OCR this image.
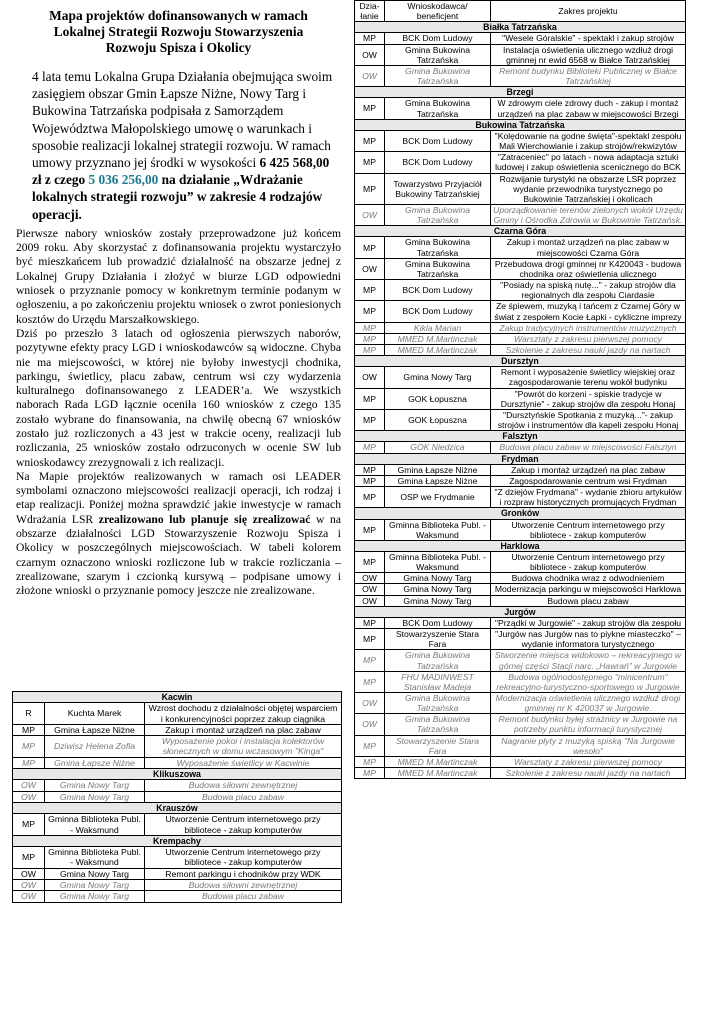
Mapa projektów dofinansowanych w ramach Lokalnej Strategii Rozwoju Stowarzyszenia Rozwoju Spisza i Okolicy
4 lata temu Lokalna Grupa Działania obejmująca swoim zasięgiem obszar Gmin Łapsze Niżne, Nowy Targ i Bukowina Tatrzańska podpisała z Samorządem Województwa Małopolskiego umowę o warunkach i sposobie realizacji lokalnej strategii rozwoju. W ramach umowy przyznano jej środki w wysokości 6 425 568,00 zł z czego 5 036 256,00 na działanie „Wdrażanie lokalnych strategii rozwoju” w zakresie 4 rodzajów operacji.

Pierwsze nabory wniosków zostały przeprowadzone już końcem 2009 roku. Aby skorzystać z dofinansowania projektu wystarczyło być mieszkańcem lub prowadzić działalność na obszarze jednej z Lokalnej Grupy Działania i złożyć w biurze LGD odpowiedni wniosek o przyznanie pomocy w konkretnym terminie podanym w ogłoszeniu, a po zakończeniu projektu wniosek o zwrot poniesionych kosztów do Urzędu Marszałkowskiego.

Dziś po przeszło 3 latach od ogłoszenia pierwszych naborów, pozytywne efekty pracy LGD i wnioskodawców są widoczne. Chyba nie ma miejscowości, w której nie byłoby inwestycji chodnika, parkingu, świetlicy, placu zabaw, centrum wsi czy wydarzenia kulturalnego dofinansowanego z LEADER’a. We wszystkich naborach Rada LGD łącznie oceniła 160 wniosków z czego 135 zostało wybrane do finansowania, na chwilę obecną 67 wniosków zostało już rozliczonych a 43 jest w trakcie oceny, realizacji lub rozliczania, 25 wniosków zostało odrzuconych w ocenie SW lub wnioskodawcy zrezygnowali z ich realizacji.

Na Mapie projektów realizowanych w ramach osi LEADER symbolami oznaczono miejscowości realizacji operacji, ich rodzaj i etap realizacji. Poniżej można sprawdzić jakie inwestycje w ramach Wdrażania LSR zrealizowano lub planuje się zrealizować w na obszarze działalności LGD Stowarzyszenie Rozwoju Spisza i Okolicy w poszczególnych miejscowościach. W tabeli kolorem czarnym oznaczono wnioski rozliczone lub w trakcie rozliczania – zrealizowane, szarym i czcionką kursywą – podpisane umowy i złożone wnioski o przyznanie pomocy jeszcze nie zrealizowane.

Kacwin		
R	Kuchta Marek	Wzrost dochodu z działalności objętej wsparciem i konkurencyjności poprzez zakup ciągnika
MP	Gmina Łapsze Niżne	Zakup i montaż urządzeń na plac zabaw
MP	Dziwisz Helena Zofia	Wyposażenie pokoi i instalacja kolektorów słonecznych w domu wczasowym "Kinga"
MP	Gmina Łapsze Niżne	Wyposażenie świetlicy w Kacwinie
Klikuszowa		
OW	Gmina Nowy Targ	Budowa siłowni zewnętrznej
OW	Gmina Nowy Targ	Budowa placu zabaw
Krauszów		
MP	Gminna Biblioteka Publ. - Waksmund	Utworzenie Centrum internetowego przy bibliotece - zakup komputerów
Krempachy		
MP	Gminna Biblioteka Publ. - Waksmund	Utworzenie Centrum internetowego przy bibliotece - zakup komputerów
OW	Gmina Nowy Targ	Remont parkingu i chodników przy WDK
OW	Gmina Nowy Targ	Budowa siłowni zewnętrznej
OW	Gmina Nowy Targ	Budowa placu zabaw
Dzia-łanie	Wnioskodawca/ beneficjent	Zakres projektu
Białka Tatrzańska		
MP	BCK Dom Ludowy	"Wesele Góralskie" - spektakl i zakup strojów
OW	Gmina Bukowina Tatrzańska	Instalacja oświetlenia ulicznego wzdłuż drogi gminnej nr ewid 6568 w Białce Tatrzańskiej
OW	Gmina Bukowina Tatrzańska	Remont budynku Biblioteki Publicznej w Białce Tatrzańskiej
Brzegi		
MP	Gmina Bukowina Tatrzańska	W zdrowym ciele zdrowy duch - zakup i montaż urządzeń na plac zabaw w miejscowości Brzegi
Bukowina Tatrzańska		
MP	BCK Dom Ludowy	"Kolędowanie na godne święta"-spektakl zespołu Mali Wierchowianie i zakup strojów/rekwizytów
MP	BCK Dom Ludowy	"Zatraceniec" po latach - nowa adaptacja sztuki ludowej i zakup oświetlenia scenicznego do BCK
MP	Towarzystwo Przyjaciół Bukowiny Tatrzańskiej	Rozwijanie turystyki na obszarze LSR poprzez wydanie przewodnika turystycznego po Bukowinie Tatrzańskiej i okolicach
OW	Gmina Bukowina Tatrzańska	Uporządkowanie terenów zielonych wokół Urzędu Gminy i Ośrodka Zdrowia w Bukowinie Tatrzańsk.
Czarna Góra		
MP	Gmina Bukowina Tatrzańska	Zakup i montaż urządzeń na plac zabaw w miejscowości Czarna Góra
OW	Gmina Bukowina Tatrzańska	Przebudowa drogi gminnej nr K420043 - budowa chodnika oraz oświetlenia ulicznego
MP	BCK Dom Ludowy	"Posiady na spiską nutę..." - zakup strojów dla regionalnych dla zespołu Ciardasie
MP	BCK Dom Ludowy	Ze śpiewem, muzyką i tańcem z Czarnej Góry w świat z zespołem Kocie Łapki - cykliczne imprezy
MP	Kikla Marian	Zakup tradycyjnych instrumentów muzycznych
MP	MMED M.Martinczak	Warsztaty z zakresu pierwszej pomocy
MP	MMED M.Martinczak	Szkolenie z zakresu nauki jazdy na nartach
Dursztyn		
OW	Gmina Nowy Targ	Remont i wyposażenie świetlicy wiejskiej oraz zagospodarowanie terenu wokół budynku
MP	GOK Łopuszna	"Powrót do korzeni - spiskie tradycje w Dursztynie" - zakup strojów dla zespołu Honaj
MP	GOK Łopuszna	"Dursztyńskie Spotkania z muzyką..."- zakup strojów i instrumentów dla kapeli zespołu Honaj
Falsztyn		
MP	GOK Niedzica	Budowa placu zabaw w miejscowości Falsztyn
Frydman		
MP	Gmina Łapsze Niżne	Zakup i montaż urządzeń na plac zabaw
MP	Gmina Łapsze Niżne	Zagospodarowanie centrum wsi Frydman
MP	OSP we Frydmanie	"Z dziejów Frydmana" - wydanie zbioru artykułów i rozpraw historycznych promujących Frydman
Gronków		
MP	Gminna Biblioteka Publ. - Waksmund	Utworzenie Centrum internetowego przy bibliotece - zakup komputerów
Harklowa		
MP	Gminna Biblioteka Publ. - Waksmund	Utworzenie Centrum internetowego przy bibliotece - zakup komputerów
OW	Gmina Nowy Targ	Budowa chodnika wraz z odwodnieniem
OW	Gmina Nowy Targ	Modernizacja parkingu w miejscowości Harklowa
OW	Gmina Nowy Targ	Budowa placu zabaw
Jurgów		
MP	BCK Dom Ludowy	"Prządki w Jurgowie" - zakup strojów dla zespołu
MP	Stowarzyszenie Stara Fara	"Jurgów nas Jurgów nas to piykne miasteczko" – wydanie informatora turystycznego
MP	Gmina Bukowina Tatrzańska	Stworzenie miejsca widokowo – rekreacyjnego w górnej części Stacji narc. „Hawrań” w Jurgowie
MP	FHU MADINWEST Stanisław Madeja	Budowa ogólnodostępnego "minicentrum" rekreacyjno-turystyczno-sportowego w Jurgowie
OW	Gmina Bukowina Tatrzańska	Modernizacja oświetlenia ulicznego wzdłuż drogi gminnej nr K 420037 w Jurgowie.
OW	Gmina Bukowina Tatrzańska	Remont budynku byłej strażnicy w Jurgowie na potrzeby punktu informacji turystycznej
MP	Stowarzyszenie Stara Fara	Nagranie płyty z muzyką spiską "Na Jurgowie wesoło"
MP	MMED M.Martinczak	Warsztaty z zakresu pierwszej pomocy
MP	MMED M.Martinczak	Szkolenie z zakresu nauki jazdy na nartach
